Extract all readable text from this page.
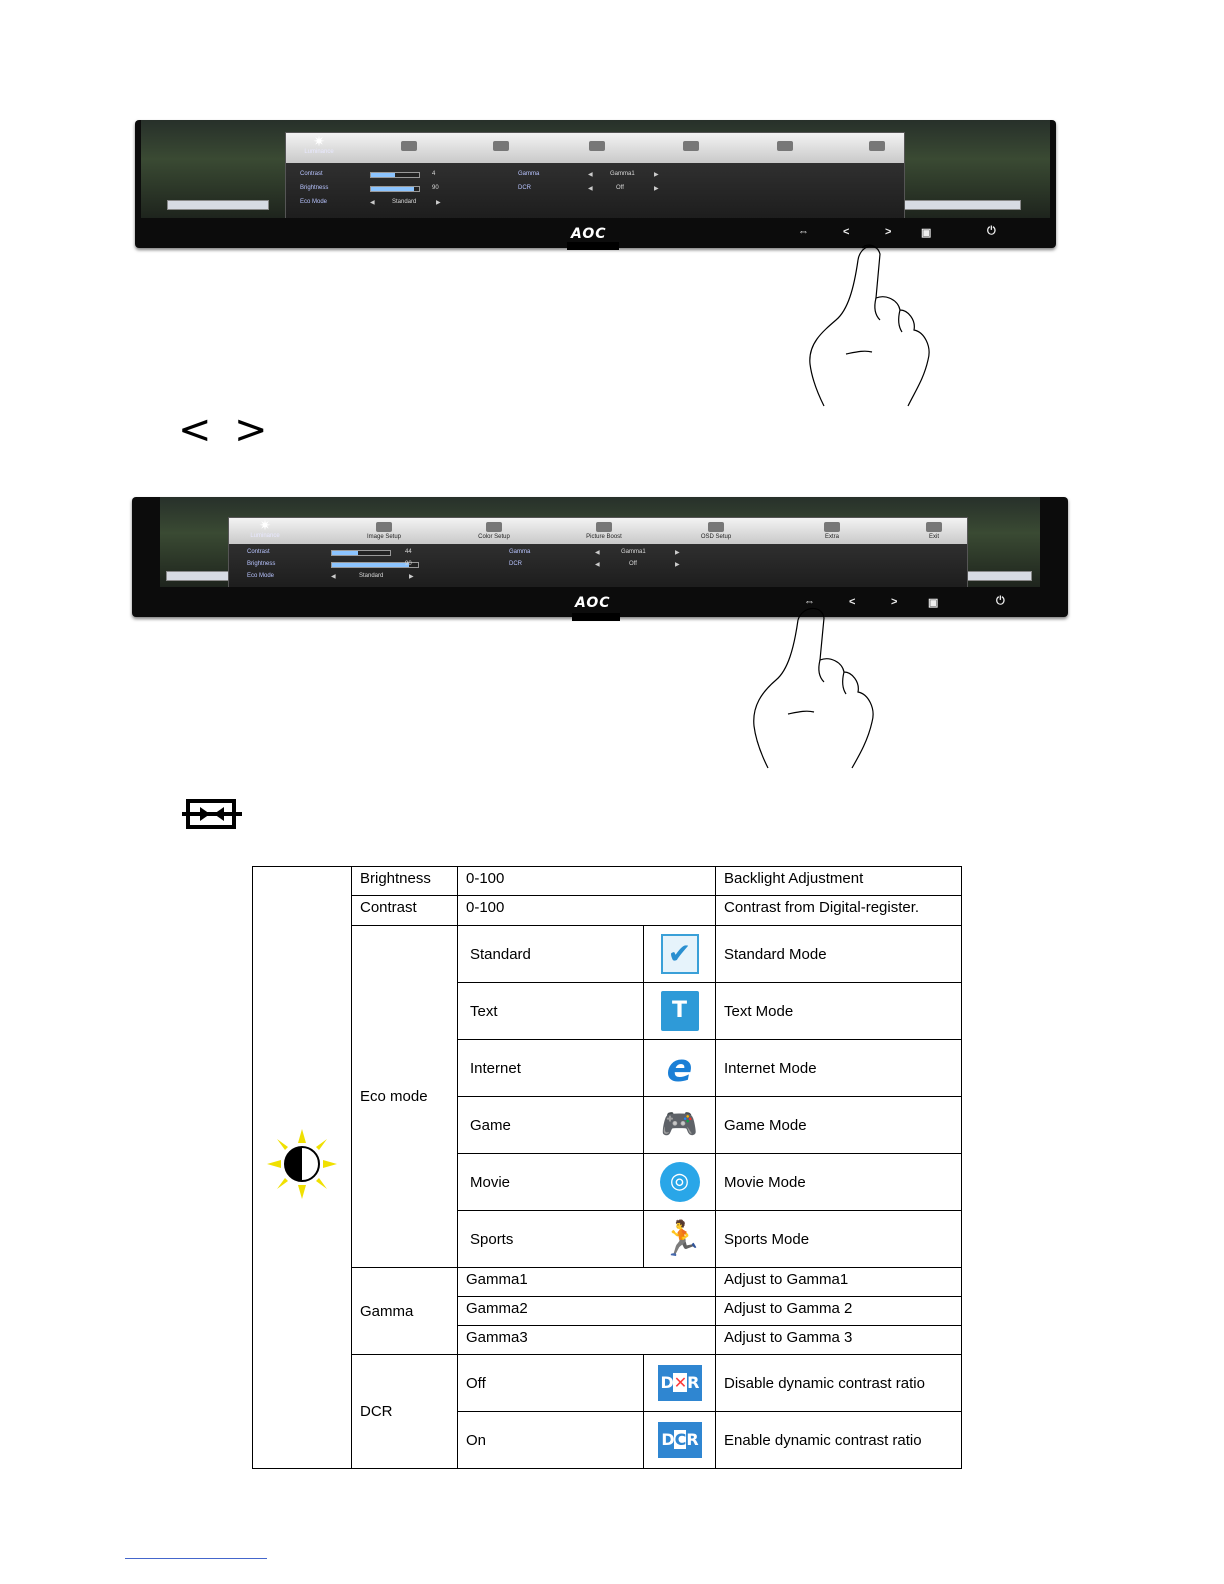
✷
Luminance
Contrast	4
Brightness	90
Eco Mode	◀	Standard	▶
Gamma	◀	Gamma1	▶
DCR	◀	Off	▶
AOC	⇔	<	>	▣	⏻
< >
✷
Luminance	Image Setup	Color Setup	Picture Boost	OSD Setup	Extra	Exit
Contrast	44
Brightness	90
Eco Mode	◀	Standard	▶
Gamma	◀	Gamma1	▶
DCR	◀	Off	▶
AOC	⇔	<	>	▣	⏻
	Brightness	0-100		Backlight Adjustment
	Contrast	0-100		Contrast from Digital-register.
	Eco mode	Standard	✔	Standard Mode
		Text	T	Text Mode
		Internet	e	Internet Mode
		Game	🎮	Game Mode
		Movie	◎	Movie Mode
		Sports	🏃	Sports Mode
	Gamma	Gamma1		Adjust to Gamma1
		Gamma2		Adjust to Gamma 2
		Gamma3		Adjust to Gamma 3
	DCR	Off	D✕R	Disable dynamic contrast ratio
		On	DCR	Enable dynamic contrast ratio
